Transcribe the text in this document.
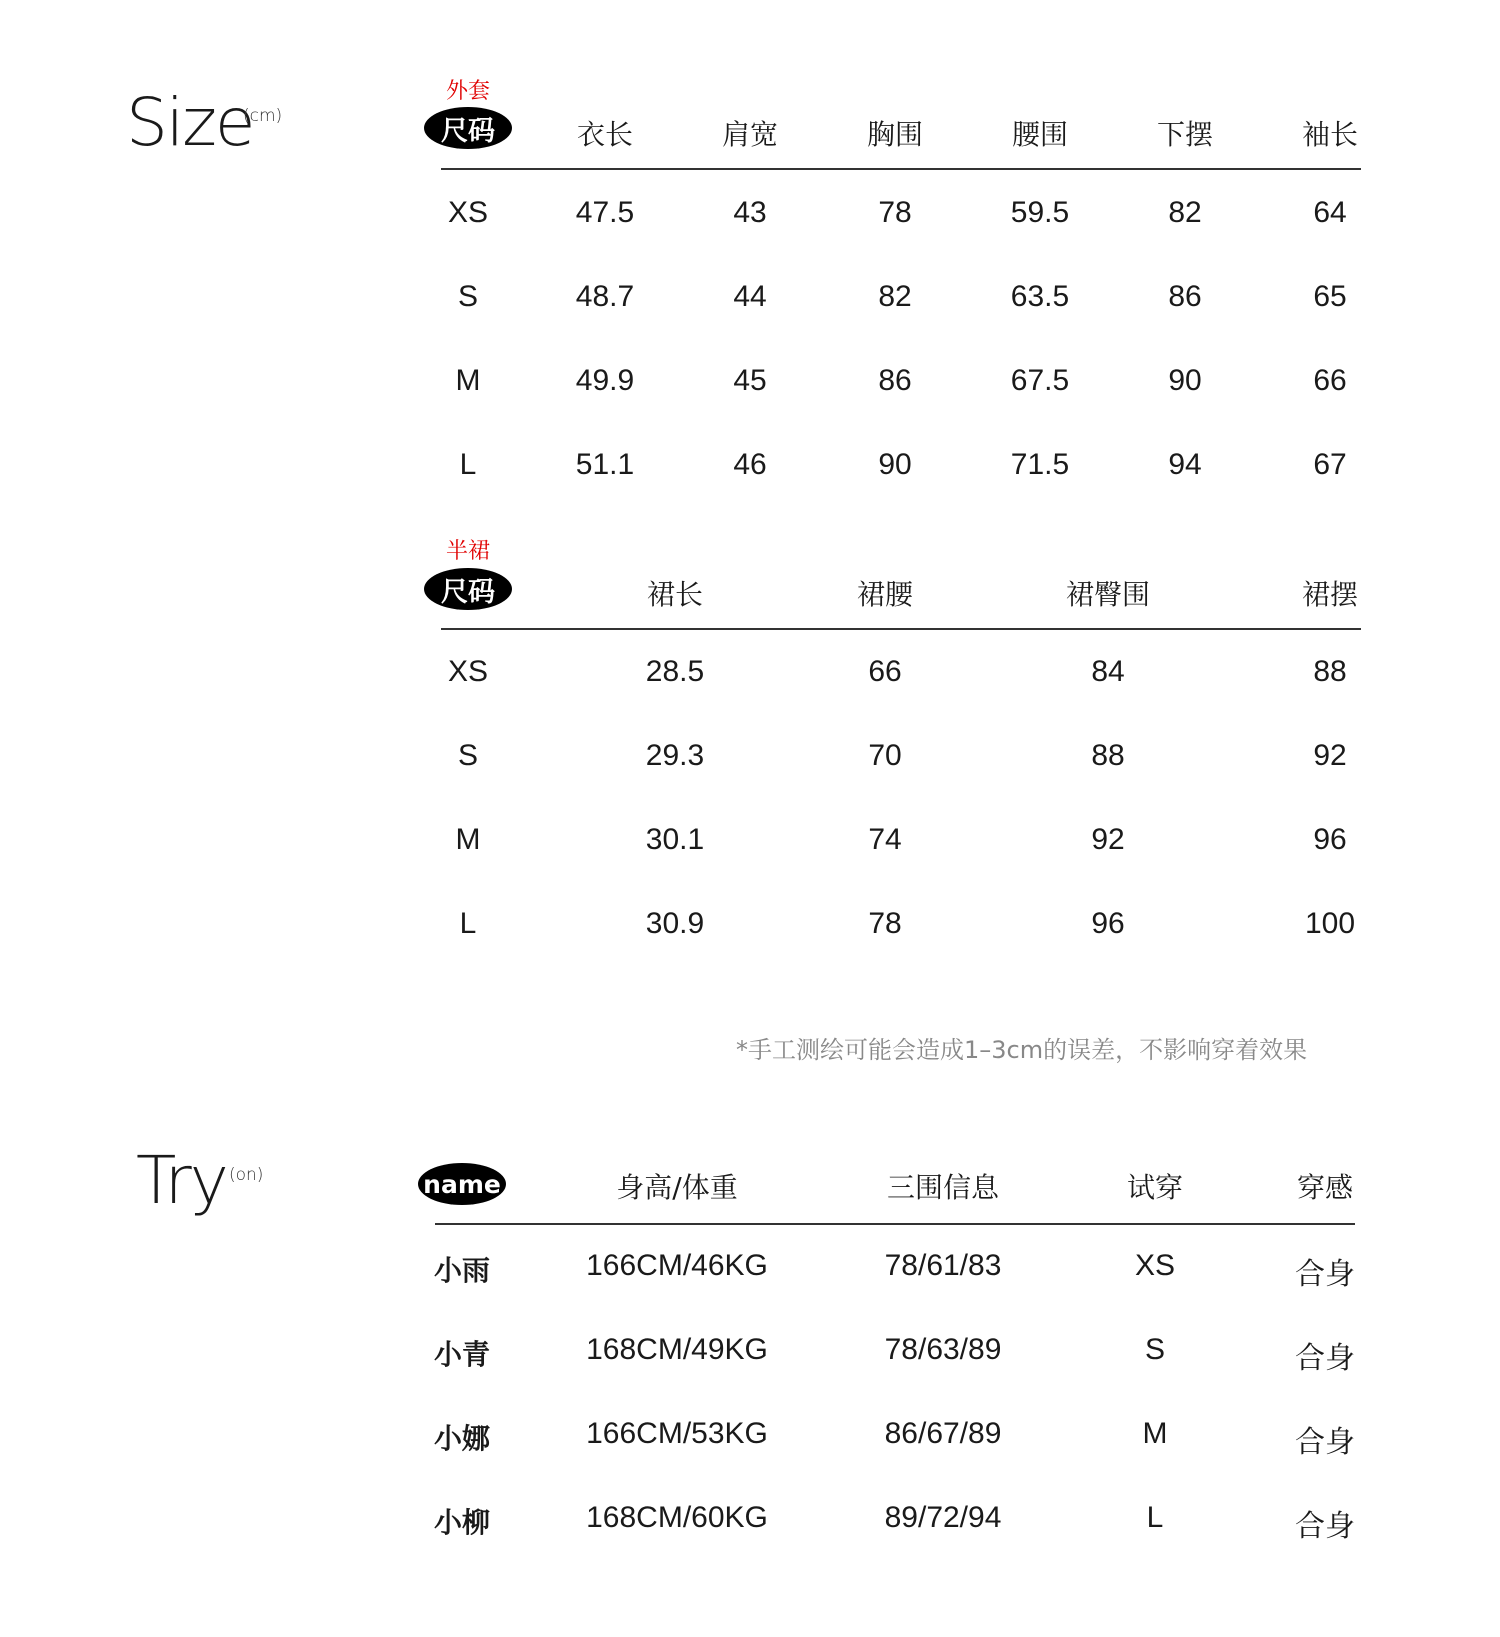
Size
(cm)
外套
尺码	衣长	肩宽	胸围	腰围	下摆	袖长
XS	47.5	43	78	59.5	82	64
S	48.7	44	82	63.5	86	65
M	49.9	45	86	67.5	90	66
L	51.1	46	90	71.5	94	67
半裙
尺码	裙长	裙腰	裙臀围	裙摆
XS	28.5	66	84	88
S	29.3	70	88	92
M	30.1	74	92	96
L	30.9	78	96	100
*手工测绘可能会造成1–3cm的误差，不影响穿着效果
Try (on)	name	身高/体重	三围信息	试穿	穿感
小雨	166CM/46KG	78/61/83	XS	合身
小青	168CM/49KG	78/63/89	S	合身
小娜	166CM/53KG	86/67/89	M	合身
小柳	168CM/60KG	89/72/94	L	合身
